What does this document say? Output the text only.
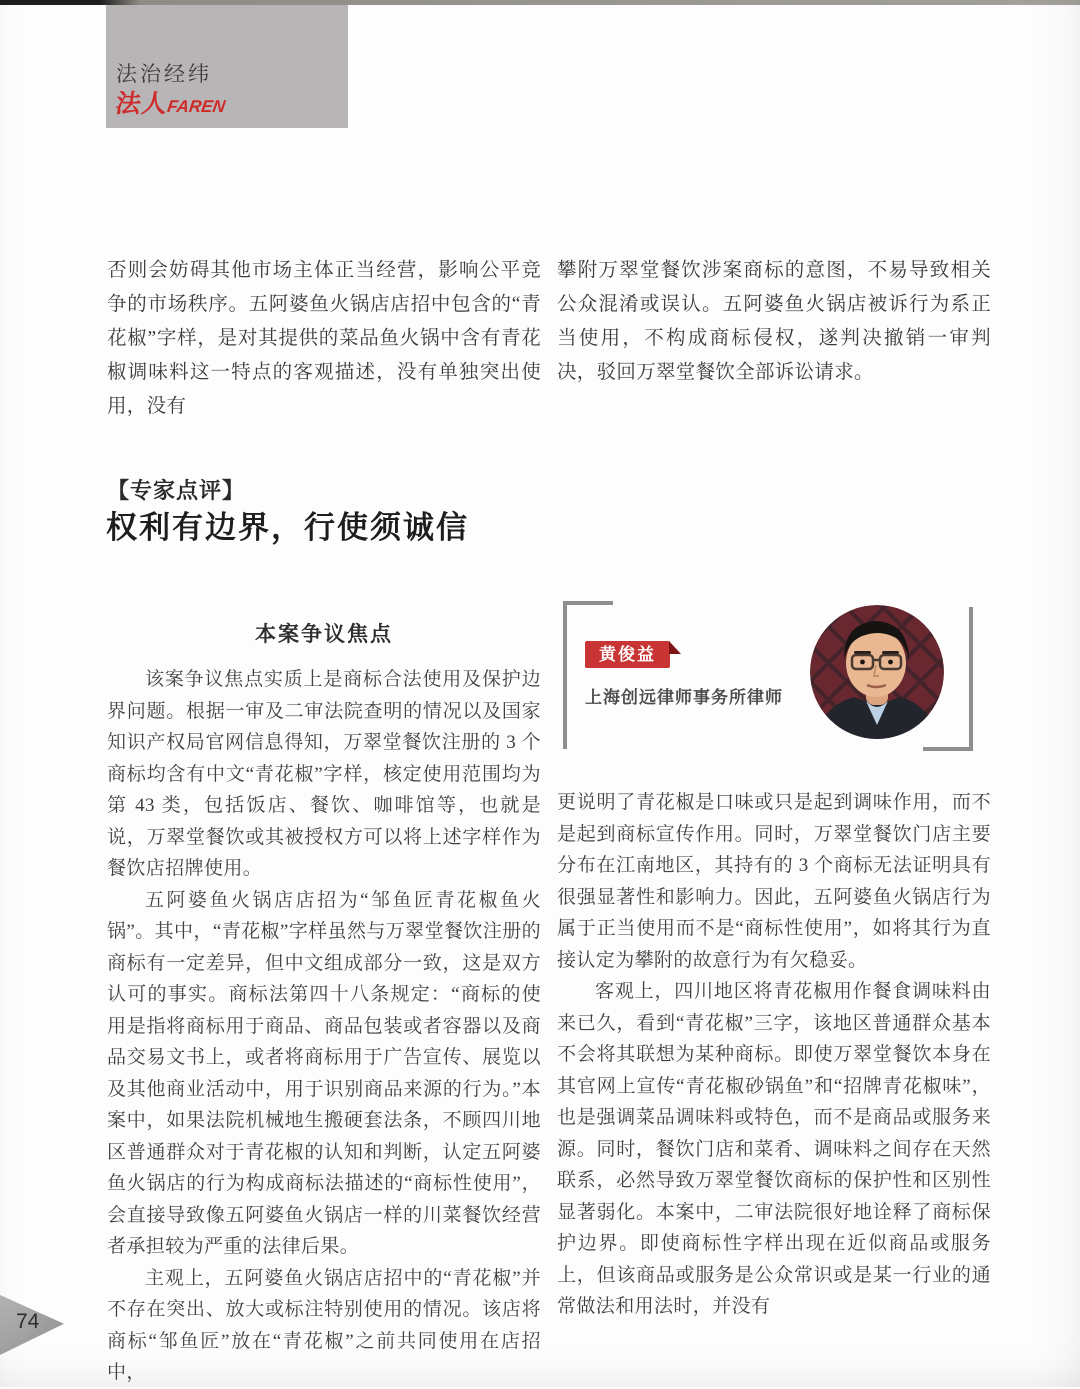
法治经纬
法人FAREN
否则会妨碍其他市场主体正当经营，影响公平竞争的市场秩序。五阿婆鱼火锅店店招中包含的“青花椒”字样，是对其提供的菜品鱼火锅中含有青花椒调味料这一特点的客观描述，没有单独突出使用，没有
攀附万翠堂餐饮涉案商标的意图，不易导致相关公众混淆或误认。五阿婆鱼火锅店被诉行为系正当使用，不构成商标侵权，遂判决撤销一审判决，驳回万翠堂餐饮全部诉讼请求。
【专家点评】
权利有边界，行使须诚信
本案争议焦点

该案争议焦点实质上是商标合法使用及保护边界问题。根据一审及二审法院查明的情况以及国家知识产权局官网信息得知，万翠堂餐饮注册的 3 个商标均含有中文“青花椒”字样，核定使用范围均为第 43 类，包括饭店、餐饮、咖啡馆等，也就是说，万翠堂餐饮或其被授权方可以将上述字样作为餐饮店招牌使用。

五阿婆鱼火锅店店招为“邹鱼匠青花椒鱼火锅”。其中，“青花椒”字样虽然与万翠堂餐饮注册的商标有一定差异，但中文组成部分一致，这是双方认可的事实。商标法第四十八条规定：“商标的使用是指将商标用于商品、商品包装或者容器以及商品交易文书上，或者将商标用于广告宣传、展览以及其他商业活动中，用于识别商品来源的行为。”本案中，如果法院机械地生搬硬套法条，不顾四川地区普通群众对于青花椒的认知和判断，认定五阿婆鱼火锅店的行为构成商标法描述的“商标性使用”，会直接导致像五阿婆鱼火锅店一样的川菜餐饮经营者承担较为严重的法律后果。

主观上，五阿婆鱼火锅店店招中的“青花椒”并不存在突出、放大或标注特别使用的情况。该店将商标“邹鱼匠”放在“青花椒”之前共同使用在店招中，

黄俊益
上海创远律师事务所律师

更说明了青花椒是口味或只是起到调味作用，而不是起到商标宣传作用。同时，万翠堂餐饮门店主要分布在江南地区，其持有的 3 个商标无法证明具有很强显著性和影响力。因此，五阿婆鱼火锅店行为属于正当使用而不是“商标性使用”，如将其行为直接认定为攀附的故意行为有欠稳妥。

客观上，四川地区将青花椒用作餐食调味料由来已久，看到“青花椒”三字，该地区普通群众基本不会将其联想为某种商标。即使万翠堂餐饮本身在其官网上宣传“青花椒砂锅鱼”和“招牌青花椒味”，也是强调菜品调味料或特色，而不是商品或服务来源。同时，餐饮门店和菜肴、调味料之间存在天然联系，必然导致万翠堂餐饮商标的保护性和区别性显著弱化。本案中，二审法院很好地诠释了商标保护边界。即使商标性字样出现在近似商品或服务上，但该商品或服务是公众常识或是某一行业的通常做法和用法时，并没有

74
